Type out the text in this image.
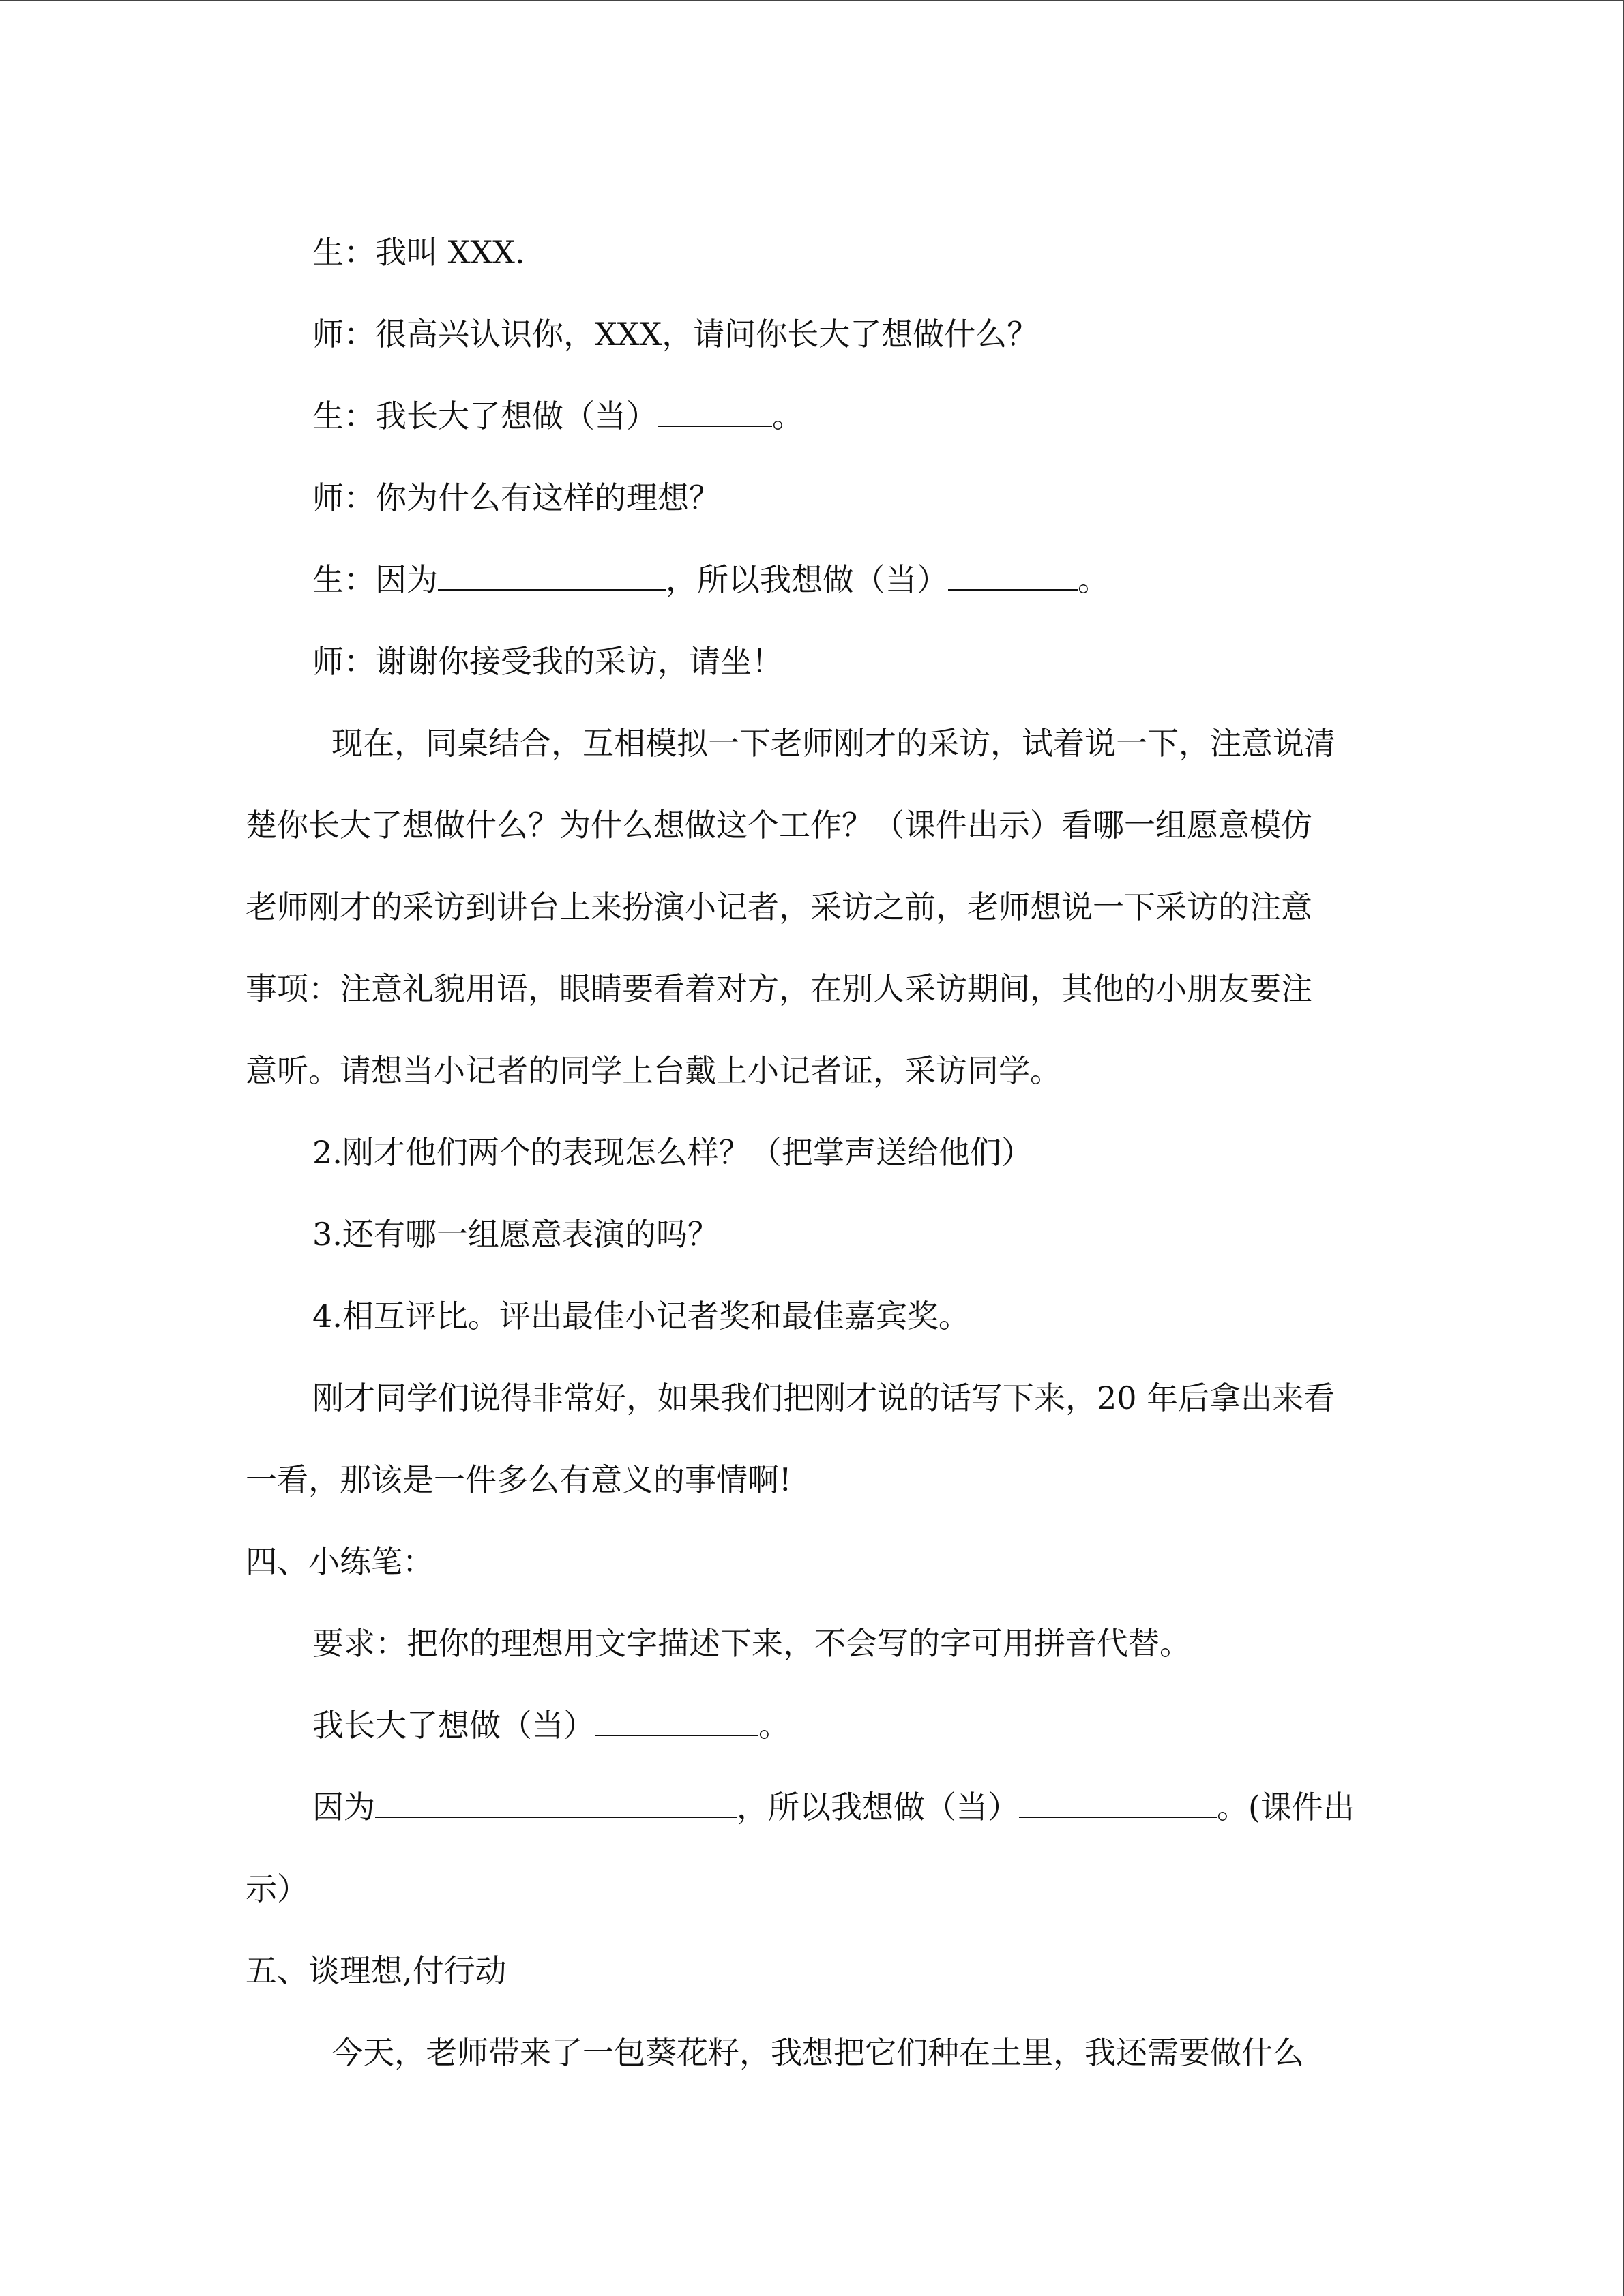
生：我叫 XXX.
师：很高兴认识你，XXX，请问你长大了想做什么？
生：我长大了想做（当）	。
师：你为什么有这样的理想？
生：因为	，所以我想做（当）	。
师：谢谢你接受我的采访，请坐！
现在，同桌结合，互相模拟一下老师刚才的采访，试着说一下，注意说清
楚你长大了想做什么？为什么想做这个工作？（课件出示）看哪一组愿意模仿
老师刚才的采访到讲台上来扮演小记者，采访之前，老师想说一下采访的注意
事项：注意礼貌用语，眼睛要看着对方，在别人采访期间，其他的小朋友要注
意听。请想当小记者的同学上台戴上小记者证，采访同学。
2.刚才他们两个的表现怎么样？（把掌声送给他们）
3.还有哪一组愿意表演的吗？
4.相互评比。评出最佳小记者奖和最佳嘉宾奖。
刚才同学们说得非常好，如果我们把刚才说的话写下来，20 年后拿出来看
一看，那该是一件多么有意义的事情啊!
四、小练笔：
要求：把你的理想用文字描述下来，不会写的字可用拼音代替。
我长大了想做（当）	。
因为	，所以我想做（当）	。(课件出
示）
五、谈理想,付行动
今天，老师带来了一包葵花籽，我想把它们种在土里，我还需要做什么
